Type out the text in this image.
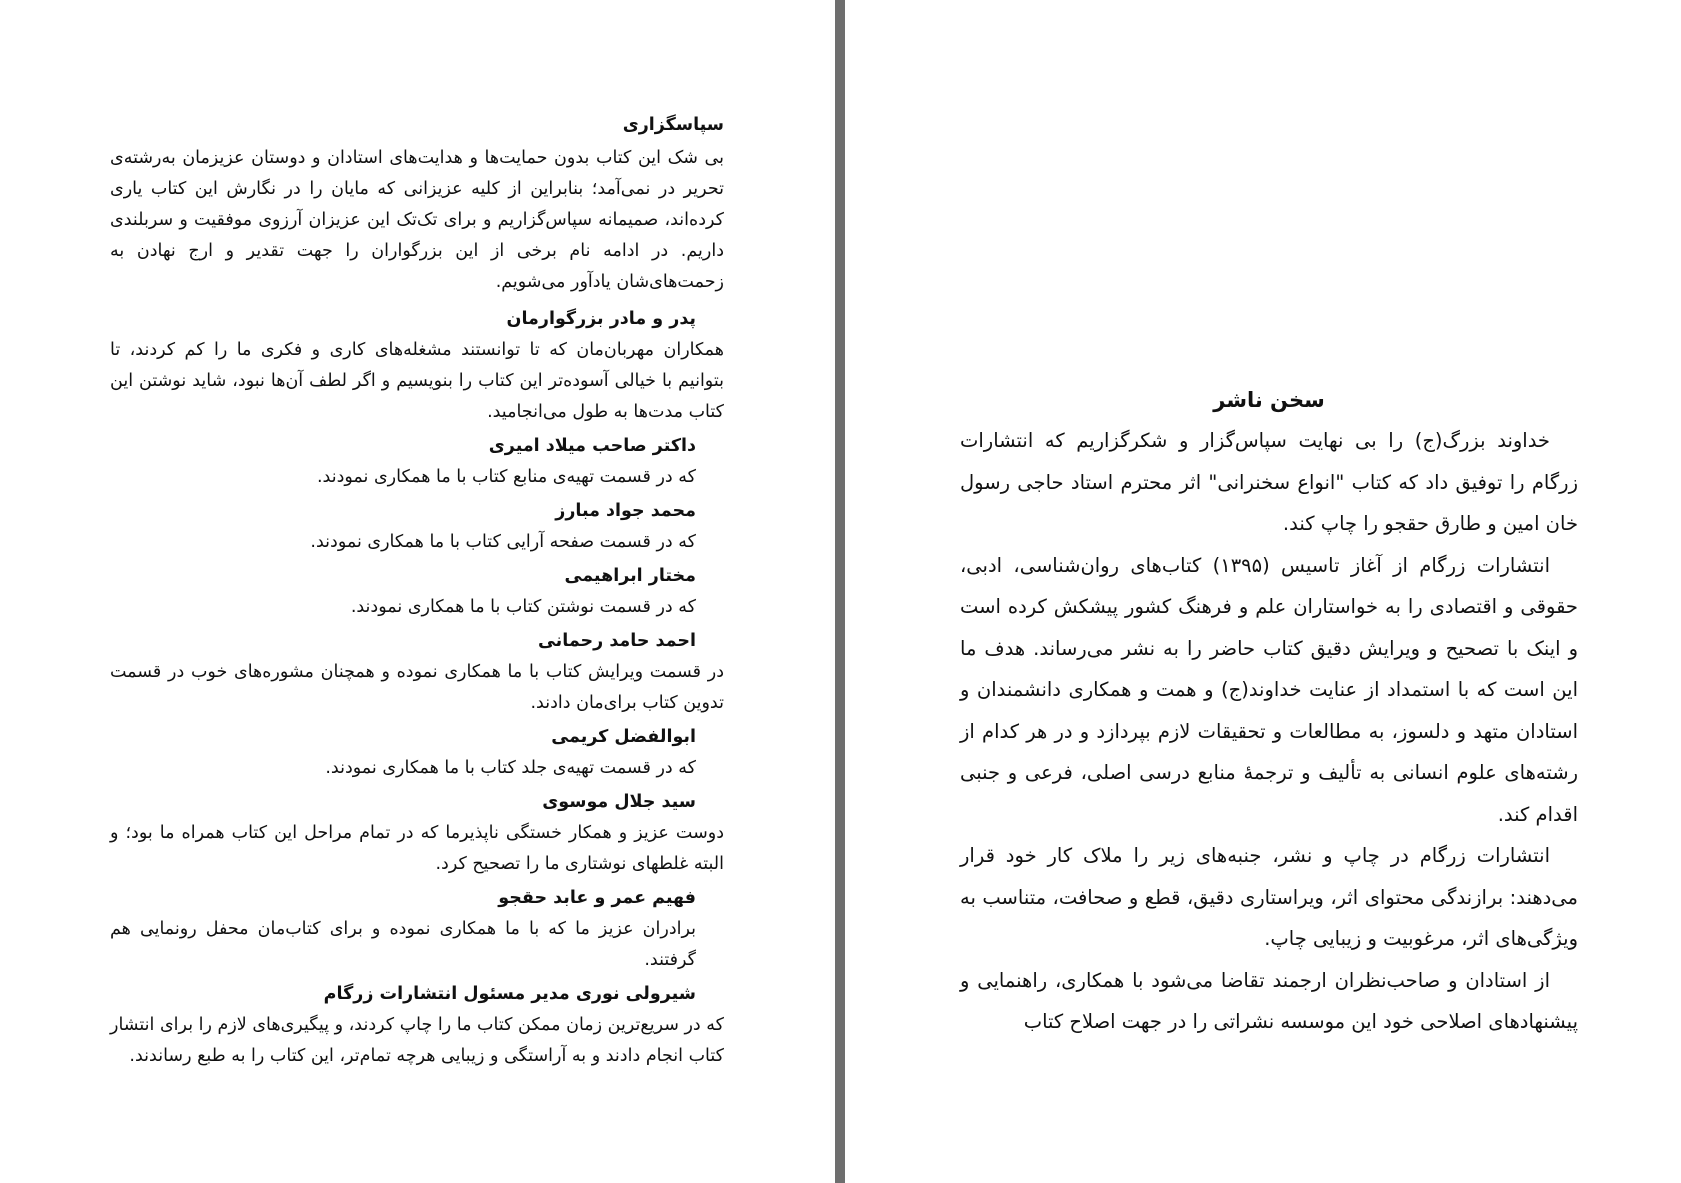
سپاسگزاری
بی شک این کتاب بدون حمایت‌ها و هدایت‌های استادان و دوستان عزیزمان به‌رشته‌ی تحریر در نمی‌آمد؛ بنابراین از کلیه عزیزانی که مایان را در نگارش این کتاب یاری کرده‌اند، صمیمانه سپاس‌گزاریم و برای تک‌تک این عزیزان آرزوی موفقیت و سربلندی داریم. در ادامه نام برخی از این بزرگواران را جهت تقدیر و ارج نهادن به زحمت‌های‌شان یادآور می‌شویم.
پدر و مادر بزرگوارمان
همکاران مهربان‌مان که تا توانستند مشغله‌های کاری و فکری ما را کم کردند، تا بتوانیم با خیالی آسوده‌تر این کتاب را بنویسیم و اگر لطف آن‌ها نبود، شاید نوشتن این کتاب مدت‌ها به طول می‌انجامید.
داکتر صاحب میلاد امیری
که در قسمت تهیه‌ی منابع کتاب با ما همکاری نمودند.
محمد جواد مبارز
که در قسمت صفحه آرایی کتاب با ما همکاری نمودند.
مختار ابراهیمی
که در قسمت نوشتن کتاب با ما همکاری نمودند.
احمد حامد رحمانی
در قسمت ویرایش کتاب با ما همکاری نموده و همچنان مشوره‌های خوب در قسمت تدوین کتاب برای‌مان دادند.
ابوالفضل کریمی
که در قسمت تهیه‌ی جلد کتاب با ما همکاری نمودند.
سید جلال موسوی
دوست عزیز و همکار خستگی ناپذیرما که در تمام مراحل این کتاب همراه ما بود؛ و البته غلطهای نوشتاری ما را تصحیح کرد.
فهیم عمر و عابد حقجو
برادران عزیز ما که با ما همکاری نموده و برای کتاب‌مان محفل رونمایی هم گرفتند.
شیرولی نوری مدیر مسئول انتشارات زرگام
که در سریع‌ترین زمان ممکن کتاب ما را چاپ کردند، و پیگیری‌های لازم را برای انتشار کتاب انجام دادند و به آراستگی و زیبایی هرچه تمام‌تر، این کتاب را به طبع رساندند.
سخن ناشر

خداوند بزرگ(ج) را بی نهایت سپاس‌گزار و شکرگزاریم که انتشارات زرگام را توفیق داد که کتاب "انواع سخنرانی" اثر محترم استاد حاجی رسول خان امین و طارق حقجو را چاپ کند.

انتشارات زرگام از آغاز تاسیس (۱۳۹۵) کتاب‌های روان‌شناسی، ادبی، حقوقی و اقتصادی را به خواستاران علم و فرهنگ کشور پیشکش کرده است و اینک با تصحیح و ویرایش دقیق کتاب حاضر را به نشر می‌رساند. هدف ما این است که با استمداد از عنایت خداوند(ج) و همت و همکاری دانشمندان و استادان متهد و دلسوز، به مطالعات و تحقیقات لازم بپردازد و در هر کدام از رشته‌های علوم انسانی به تألیف و ترجمۀ منابع درسی اصلی، فرعی و جنبی اقدام کند.

انتشارات زرگام در چاپ و نشر، جنبه‌های زیر را ملاک کار خود قرار می‌دهند: برازندگی محتوای اثر، ویراستاری دقیق، قطع و صحافت، متناسب به ویژگی‌های اثر، مرغوبیت و زیبایی چاپ.

از استادان و صاحب‌نظران ارجمند تقاضا می‌شود با همکاری، راهنمایی و پیشنهادهای اصلاحی خود این موسسه نشراتی را در جهت اصلاح کتاب
